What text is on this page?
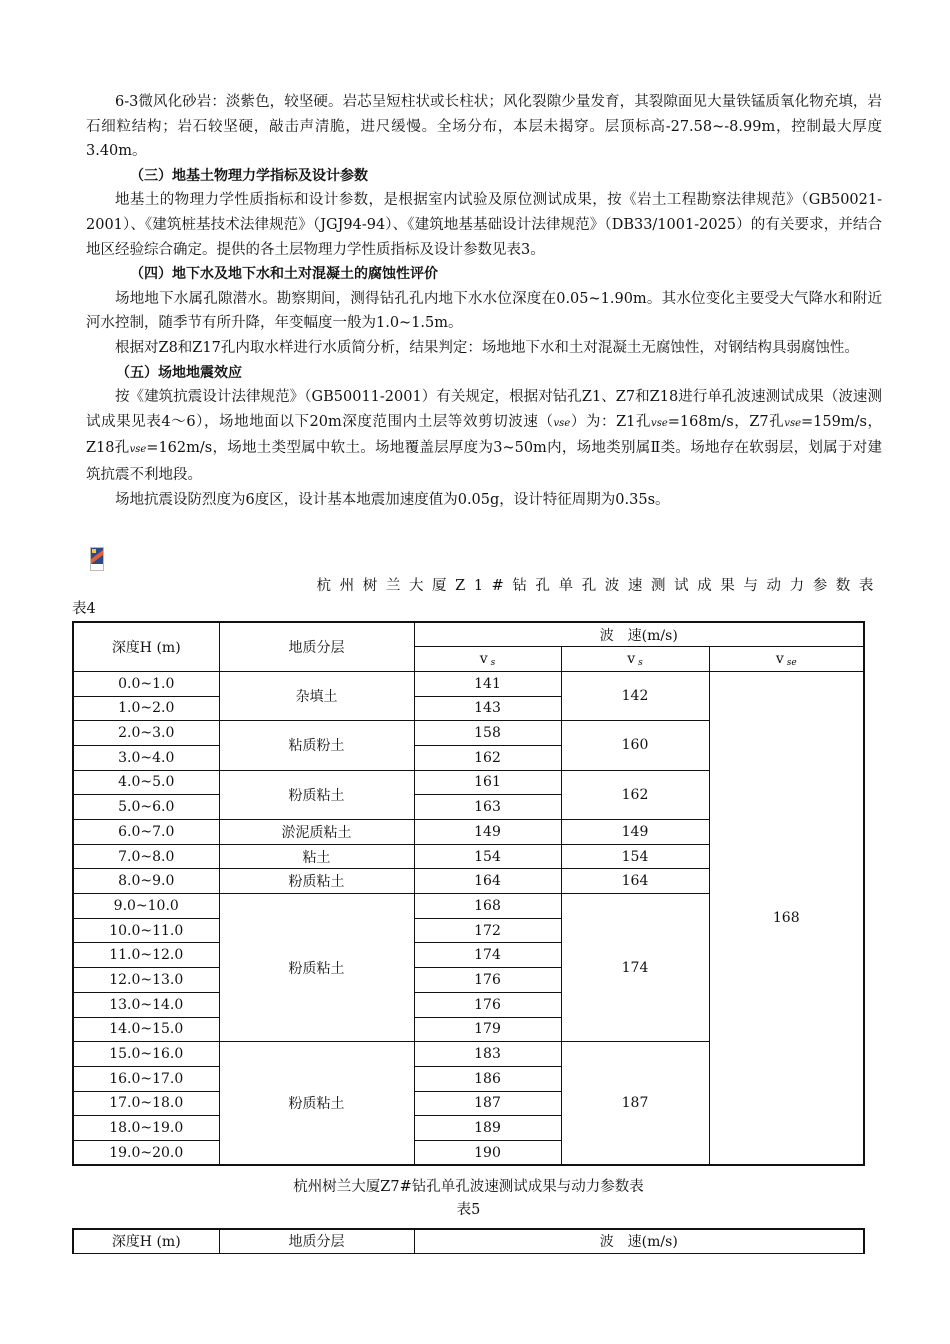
6-3微风化砂岩：淡紫色，较坚硬。岩芯呈短柱状或长柱状；风化裂隙少量发育，其裂隙面见大量铁锰质氧化物充填，岩石细粒结构；岩石较坚硬，敲击声清脆，进尺缓慢。全场分布，本层未揭穿。层顶标高-27.58~-8.99m，控制最大厚度3.40m。

（三）地基土物理力学指标及设计参数

地基土的物理力学性质指标和设计参数，是根据室内试验及原位测试成果，按《岩土工程勘察法律规范》（GB50021-2001）、《建筑桩基技术法律规范》（JGJ94-94）、《建筑地基基础设计法律规范》（DB33/1001-2025）的有关要求，并结合地区经验综合确定。提供的各土层物理力学性质指标及设计参数见表3。

（四）地下水及地下水和土对混凝土的腐蚀性评价

场地地下水属孔隙潜水。勘察期间，测得钻孔孔内地下水水位深度在0.05~1.90m。其水位变化主要受大气降水和附近河水控制，随季节有所升降，年变幅度一般为1.0~1.5m。

根据对Z8和Z17孔内取水样进行水质简分析，结果判定：场地地下水和土对混凝土无腐蚀性，对钢结构具弱腐蚀性。

（五）场地地震效应

按《建筑抗震设计法律规范》（GB50011-2001）有关规定，根据对钻孔Z1、Z7和Z18进行单孔波速测试成果（波速测试成果见表4～6），场地地面以下20m深度范围内土层等效剪切波速（vse）为：Z1孔vse=168m/s，Z7孔vse=159m/s，Z18孔vse=162m/s，场地土类型属中软土。场地覆盖层厚度为3~50m内，场地类别属Ⅱ类。场地存在软弱层，划属于对建筑抗震不利地段。

场地抗震设防烈度为6度区，设计基本地震加速度值为0.05g，设计特征周期为0.35s。

杭州树兰大厦Z1#钻孔单孔波速测试成果与动力参数表
表4
深度H (m)	地质分层	波　速(m/s)		
		v $_s$	v $_s$	v $_{se}$
0.0~1.0	杂填土	141	142	168
1.0~2.0		143		
2.0~3.0	粘质粉土	158	160	
3.0~4.0		162		
4.0~5.0	粉质粘土	161	162	
5.0~6.0		163		
6.0~7.0	淤泥质粘土	149	149	
7.0~8.0	粘土	154	154	
8.0~9.0	粉质粘土	164	164	
9.0~10.0	粉质粘土	168	174	
10.0~11.0		172		
11.0~12.0		174		
12.0~13.0		176		
13.0~14.0		176		
14.0~15.0		179		
15.0~16.0	粉质粘土	183	187	
16.0~17.0		186		
17.0~18.0		187		
18.0~19.0		189		
19.0~20.0		190		
杭州树兰大厦Z7#钻孔单孔波速测试成果与动力参数表
表5
深度H (m)	地质分层	波　速(m/s)
